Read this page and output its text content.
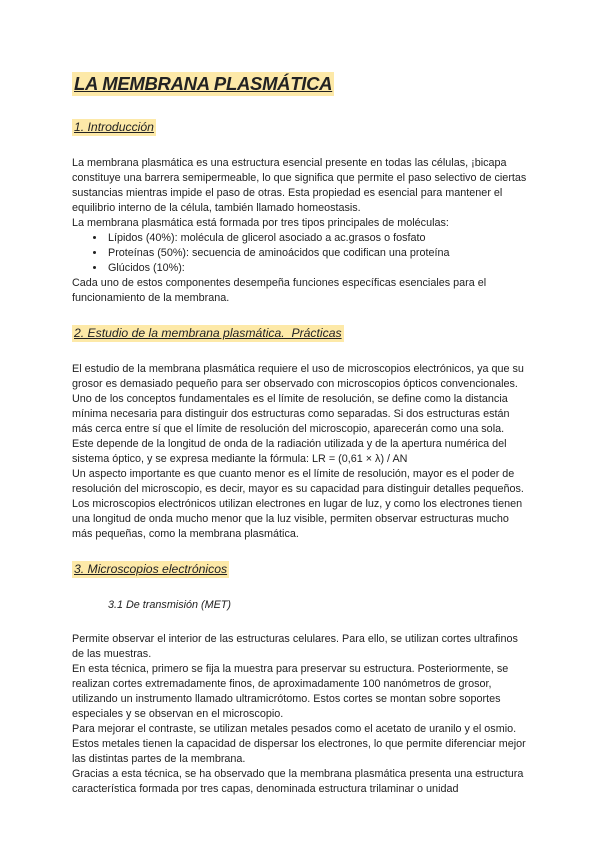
LA MEMBRANA PLASMÁTICA
1. Introducción

La membrana plasmática es una estructura esencial presente en todas las células, ¡bicapa constituye una barrera semipermeable, lo que significa que permite el paso selectivo de ciertas sustancias mientras impide el paso de otras. Esta propiedad es esencial para mantener el equilibrio interno de la célula, también llamado homeostasis.

La membrana plasmática está formada por tres tipos principales de moléculas:

• Lípidos (40%): molécula de glicerol asociado a ac.grasos o fosfato
• Proteínas (50%): secuencia de aminoácidos que codifican una proteína
• Glúcidos (10%):

Cada uno de estos componentes desempeña funciones específicas esenciales para el funcionamiento de la membrana.

2. Estudio de la membrana plasmática.  Prácticas

El estudio de la membrana plasmática requiere el uso de microscopios electrónicos, ya que su grosor es demasiado pequeño para ser observado con microscopios ópticos convencionales.

Uno de los conceptos fundamentales es el límite de resolución, se define como la distancia mínima necesaria para distinguir dos estructuras como separadas. Si dos estructuras están más cerca entre sí que el límite de resolución del microscopio, aparecerán como una sola.

Este depende de la longitud de onda de la radiación utilizada y de la apertura numérica del sistema óptico, y se expresa mediante la fórmula: LR = (0,61 × λ) / AN

Un aspecto importante es que cuanto menor es el límite de resolución, mayor es el poder de resolución del microscopio, es decir, mayor es su capacidad para distinguir detalles pequeños.

Los microscopios electrónicos utilizan electrones en lugar de luz, y como los electrones tienen una longitud de onda mucho menor que la luz visible, permiten observar estructuras mucho más pequeñas, como la membrana plasmática.

3. Microscopios electrónicos
3.1 De transmisión (MET)

Permite observar el interior de las estructuras celulares. Para ello, se utilizan cortes ultrafinos de las muestras.

En esta técnica, primero se fija la muestra para preservar su estructura. Posteriormente, se realizan cortes extremadamente finos, de aproximadamente 100 nanómetros de grosor, utilizando un instrumento llamado ultramicrótomo. Estos cortes se montan sobre soportes especiales y se observan en el microscopio.

Para mejorar el contraste, se utilizan metales pesados como el acetato de uranilo y el osmio. Estos metales tienen la capacidad de dispersar los electrones, lo que permite diferenciar mejor las distintas partes de la membrana.

Gracias a esta técnica, se ha observado que la membrana plasmática presenta una estructura característica formada por tres capas, denominada estructura trilaminar o unidad
